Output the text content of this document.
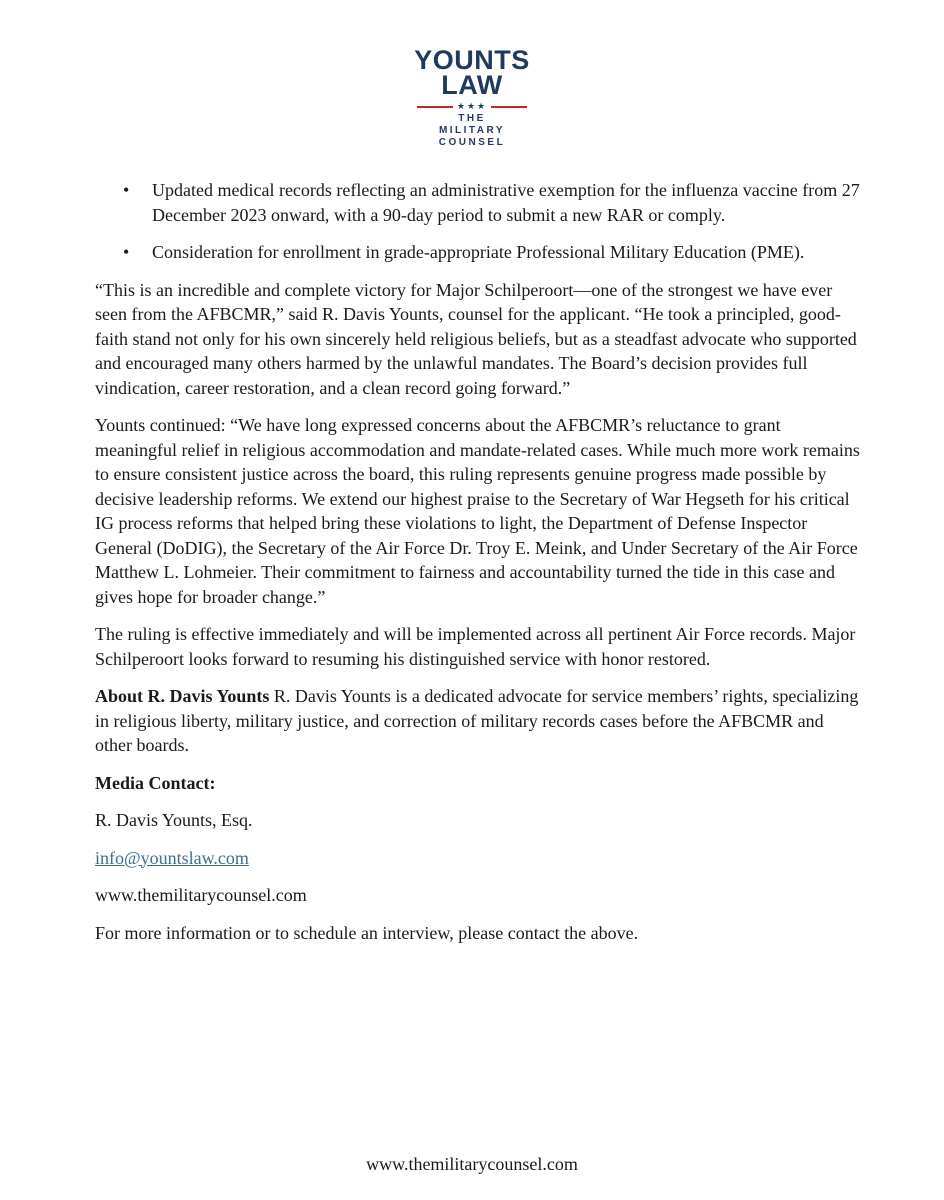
YOUNTS
LAW
★★★
THE
MILITARY
COUNSEL
• Updated medical records reflecting an administrative exemption for the influenza vaccine from 27 December 2023 onward, with a 90-day period to submit a new RAR or comply.
• Consideration for enrollment in grade-appropriate Professional Military Education (PME).

“This is an incredible and complete victory for Major Schilperoort—one of the strongest we have ever seen from the AFBCMR,” said R. Davis Younts, counsel for the applicant. “He took a principled, good-faith stand not only for his own sincerely held religious beliefs, but as a steadfast advocate who supported and encouraged many others harmed by the unlawful mandates. The Board’s decision provides full vindication, career restoration, and a clean record going forward.”

Younts continued: “We have long expressed concerns about the AFBCMR’s reluctance to grant meaningful relief in religious accommodation and mandate-related cases. While much more work remains to ensure consistent justice across the board, this ruling represents genuine progress made possible by decisive leadership reforms. We extend our highest praise to the Secretary of War Hegseth for his critical IG process reforms that helped bring these violations to light, the Department of Defense Inspector General (DoDIG), the Secretary of the Air Force Dr. Troy E. Meink, and Under Secretary of the Air Force Matthew L. Lohmeier. Their commitment to fairness and accountability turned the tide in this case and gives hope for broader change.”

The ruling is effective immediately and will be implemented across all pertinent Air Force records. Major Schilperoort looks forward to resuming his distinguished service with honor restored.

About R. Davis Younts R. Davis Younts is a dedicated advocate for service members’ rights, specializing in religious liberty, military justice, and correction of military records cases before the AFBCMR and other boards.

Media Contact:

R. Davis Younts, Esq.

info@yountslaw.com

www.themilitarycounsel.com

For more information or to schedule an interview, please contact the above.

www.themilitarycounsel.com
